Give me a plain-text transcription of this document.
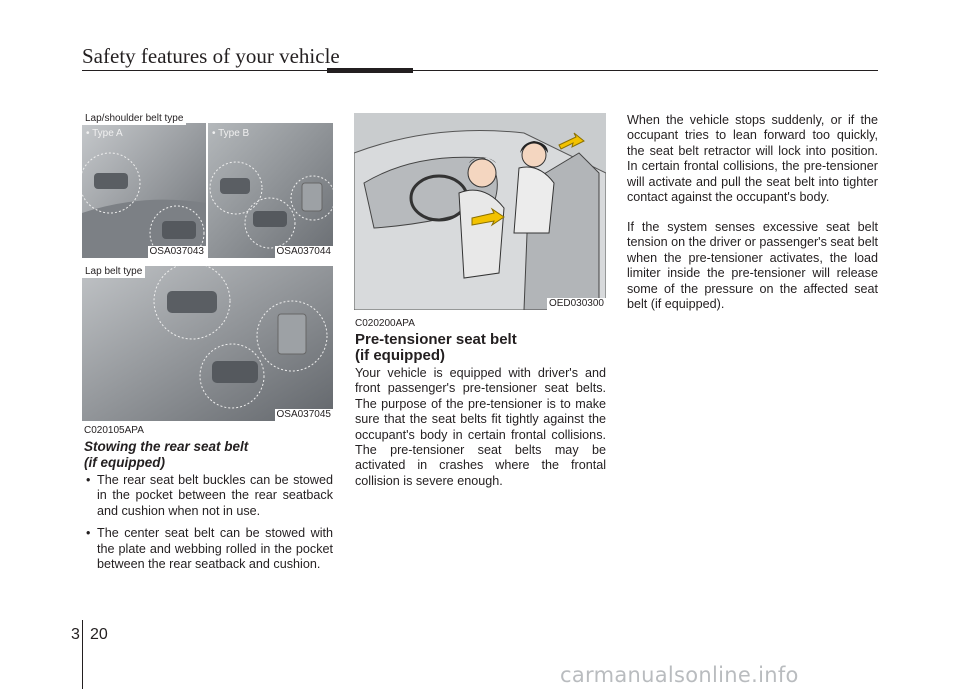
Safety features of your vehicle
• Type A
OSA037043
• Type B
OSA037044
Lap/shoulder belt type
OSA037045
Lap belt type
C020105APA
Stowing the rear seat belt
(if equipped)
• The rear seat belt buckles can be stowed in the pocket between the rear seatback and cushion when not in use.
• The center seat belt can be stowed with the plate and webbing rolled in the pocket between the rear seatback and cushion.
OED030300
C020200APA
Pre-tensioner seat belt
(if equipped)
Your vehicle is equipped with driver's and front passenger's pre-tensioner seat belts. The purpose of the pre-tensioner is to make sure that the seat belts fit tightly against the occupant's body in certain frontal collisions. The pre-tensioner seat belts may be activated in crashes where the frontal collision is severe enough.
When the vehicle stops suddenly, or if the occupant tries to lean forward too quickly, the seat belt retractor will lock into position. In certain frontal collisions, the pre-tensioner will activate and pull the seat belt into tighter contact against the occupant's body.
If the system senses excessive seat belt tension on the driver or passenger's seat belt when the pre-tensioner activates, the load limiter inside the pre-tensioner will release some of the pressure on the affected seat belt (if equipped).
3 20
carmanualsonline.info
